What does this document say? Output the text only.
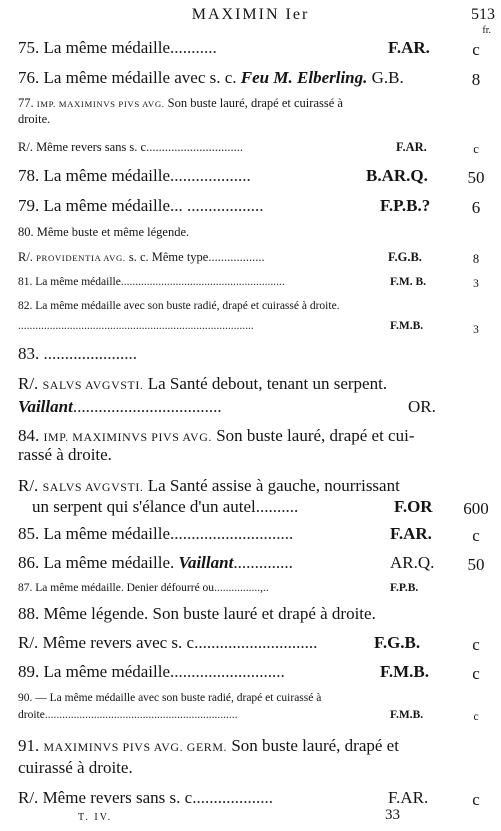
MAXIMIN Ier	513
fr.
75. La même médaille...........	F.AR.	c
76. La même médaille avec s. c. Feu M. Elberling. G.B.	8
77. IMP. MAXIMINVS PIVS AVG. Son buste lauré, drapé et cuirassé à
droite.
R/. Même revers sans s. c...............................	F.AR.	c
78. La même médaille...................	B.AR.Q.	50
79. La même médaille... ..................	F.P.B.?	6
80. Même buste et même légende.
R/. PROVIDENTIA AVG. s. c. Même type..................	F.G.B.	8
81. La même médaille.........................................................	F.M. B.	3
82. La même médaille avec son buste radié, drapé et cuirassé à droite.
..................................................................................	F.M.B.	3
83. ......................
R/. SALVS AVGVSTI. La Santé debout, tenant un serpent.
Vaillant...................................	OR.
84. IMP. MAXIMINVS PIVS AVG. Son buste lauré, drapé et cui-
rassé à droite.
R/. SALVS AVGVSTI. La Santé assise à gauche, nourrissant
un serpent qui s'élance d'un autel..........	F.OR	600
85. La même médaille.............................	F.AR.	c
86. La même médaille. Vaillant..............	AR.Q.	50
87. La même médaille. Denier défourré ou................,..	F.P.B.
88. Même légende. Son buste lauré et drapé à droite.
R/. Même revers avec s. c.............................	F.G.B.	c
89. La même médaille...........................	F.M.B.	c
90. — La même médaille avec son buste radié, drapé et cuirassé à
droite...................................................................	F.M.B.	c
91. MAXIMINVS PIVS AVG. GERM. Son buste lauré, drapé et
cuirassé à droite.
R/. Même revers sans s. c...................	F.AR.	c
T. IV.	33
